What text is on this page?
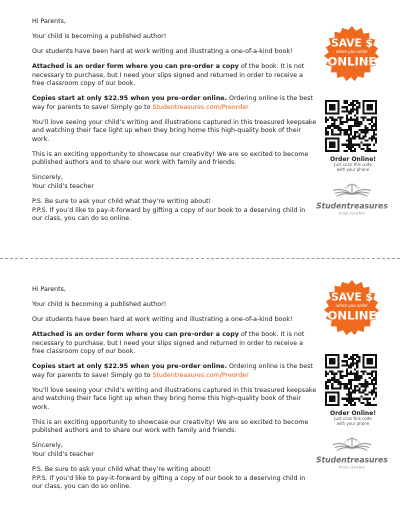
Hi Parents,

Your child is becoming a published author!

Our students have been hard at work writing and illustrating a one-of-a-kind book!

Attached is an order form where you can pre-order a copy of the book. It is not necessary to purchase, but I need your slips signed and returned in order to receive a free classroom copy of our book.

Copies start at only $22.95 when you pre-order online. Ordering online is the best way for parents to save! Simply go to Studentreasures.com/Preorder

You’ll love seeing your child’s writing and illustrations captured in this treasured keepsake and watching their face light up when they bring home this high-quality book of their work.

This is an exciting opportunity to showcase our creativity! We are so excited to become published authors and to share our work with family and friends.

Sincerely,

Your child’s teacher

P.S. Be sure to ask your child what they’re writing about!

P.P.S. If you’d like to pay-it-forward by gifting a copy of our book to a deserving child in our class, you can do so online.

SAVE $
when you order
ONLINE
Order Online!
Just scan this code
with your phone
Studentreasures
PUBLISHING

Hi Parents,

Your child is becoming a published author!

Our students have been hard at work writing and illustrating a one-of-a-kind book!

Attached is an order form where you can pre-order a copy of the book. It is not necessary to purchase, but I need your slips signed and returned in order to receive a free classroom copy of our book.

Copies start at only $22.95 when you pre-order online. Ordering online is the best way for parents to save! Simply go to Studentreasures.com/Preorder

You’ll love seeing your child’s writing and illustrations captured in this treasured keepsake and watching their face light up when they bring home this high-quality book of their work.

This is an exciting opportunity to showcase our creativity! We are so excited to become published authors and to share our work with family and friends.

Sincerely,

Your child’s teacher

P.S. Be sure to ask your child what they’re writing about!

P.P.S. If you’d like to pay-it-forward by gifting a copy of our book to a deserving child in our class, you can do so online.

SAVE $
when you order
ONLINE
Order Online!
Just scan this code
with your phone
Studentreasures
PUBLISHING
